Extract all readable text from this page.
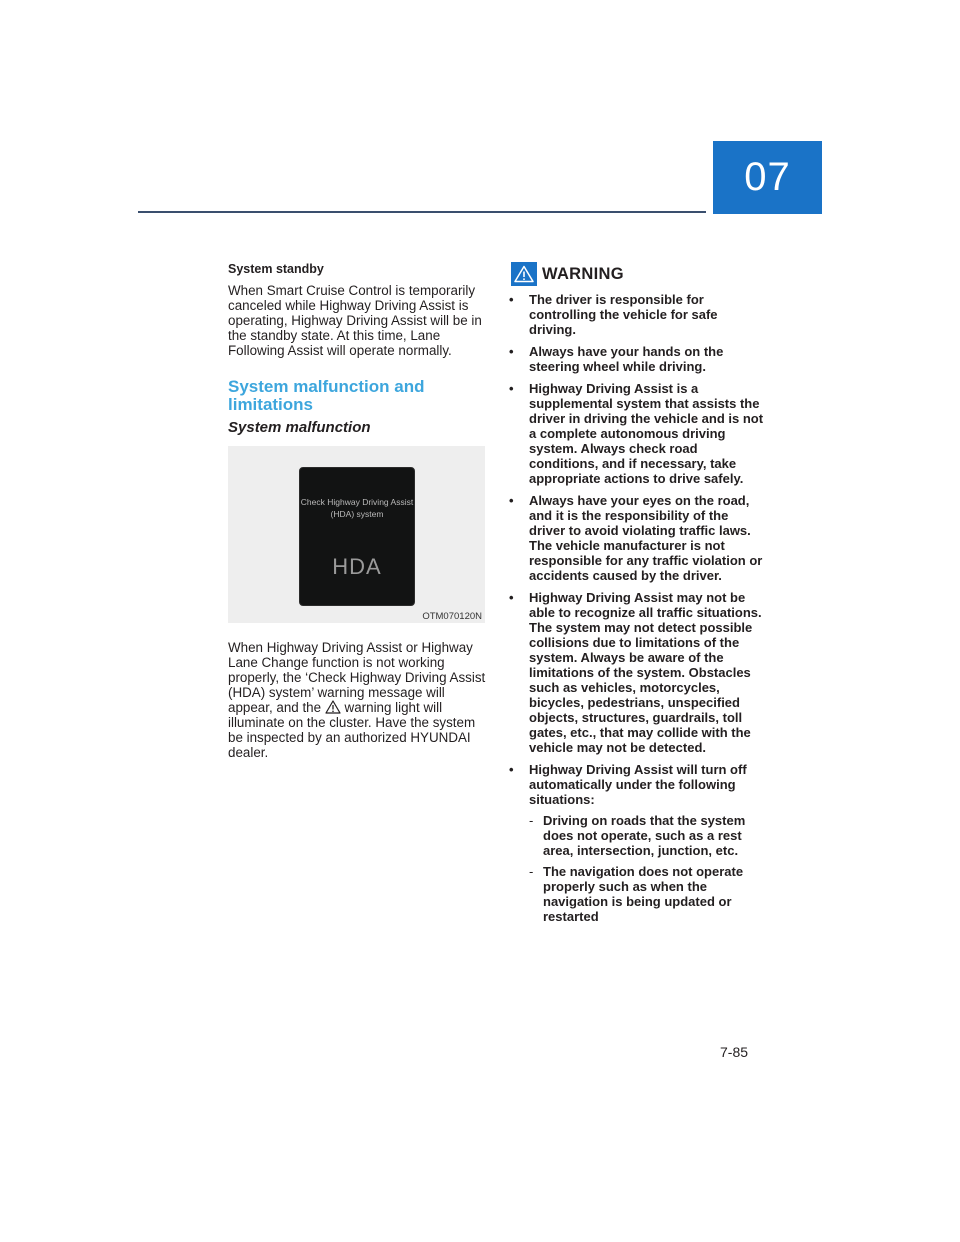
07

System standby

When Smart Cruise Control is temporarily canceled while Highway Driving Assist is operating, Highway Driving Assist will be in the standby state. At this time, Lane Following Assist will operate normally.

System malfunction and limitations
System malfunction
Check Highway Driving Assist (HDA) system
HDA
OTM070120N

When Highway Driving Assist or Highway Lane Change function is not working properly, the ‘Check Highway Driving Assist (HDA) system’ warning message will appear, and the warning light will illuminate on the cluster. Have the system be inspected by an authorized HYUNDAI dealer.

WARNING
• The driver is responsible for controlling the vehicle for safe driving.
• Always have your hands on the steering wheel while driving.
• Highway Driving Assist is a supplemental system that assists the driver in driving the vehicle and is not a complete autonomous driving system. Always check road conditions, and if necessary, take appropriate actions to drive safely.
• Always have your eyes on the road, and it is the responsibility of the driver to avoid violating traffic laws. The vehicle manufacturer is not responsible for any traffic violation or accidents caused by the driver.
• Highway Driving Assist may not be able to recognize all traffic situations. The system may not detect possible collisions due to limitations of the system. Always be aware of the limitations of the system. Obstacles such as vehicles, motorcycles, bicycles, pedestrians, unspecified objects, structures, guardrails, toll gates, etc., that may collide with the vehicle may not be detected.
• Highway Driving Assist will turn off automatically under the following situations:
- Driving on roads that the system does not operate, such as a rest area, intersection, junction, etc.
- The navigation does not operate properly such as when the navigation is being updated or restarted
7-85
